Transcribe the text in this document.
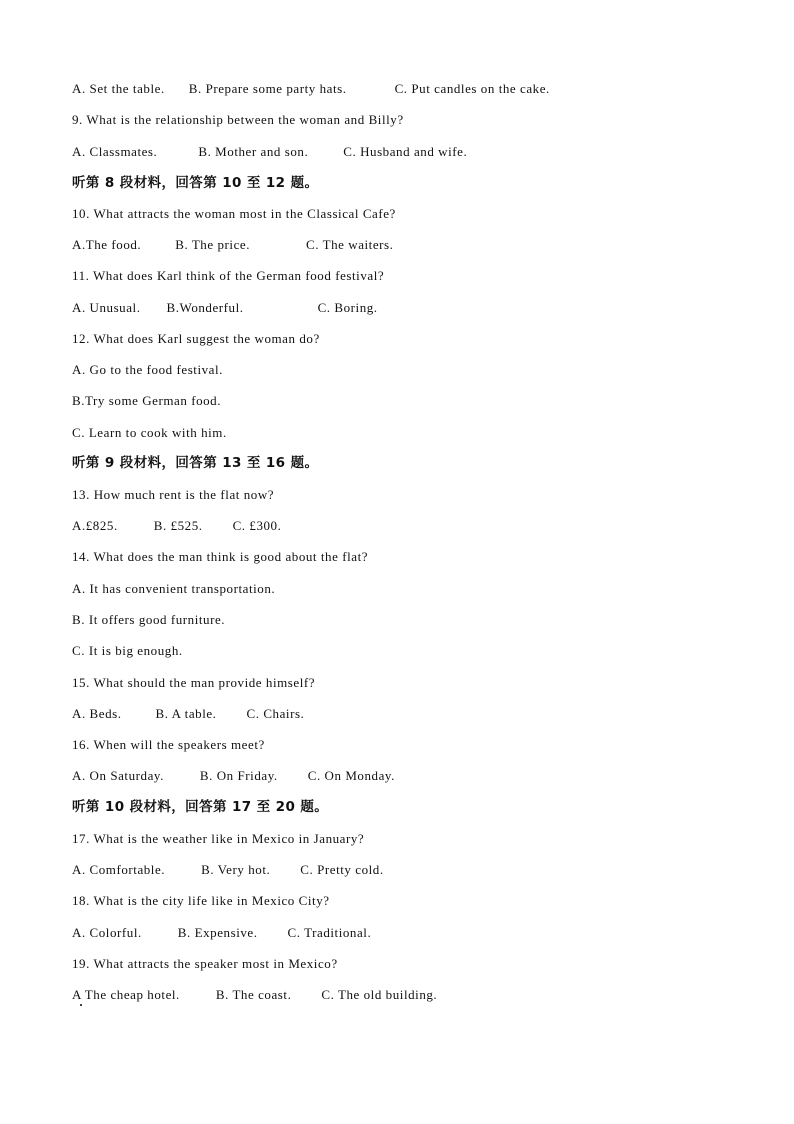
A. Set the table. B. Prepare some party hats.	C. Put candles on the cake.
9. What is the relationship between the woman and Billy?
A. Classmates.	B. Mother and son.	C. Husband and wife.
听第 8 段材料，回答第 10 至 12 题。
10. What attracts the woman most in the Classical Cafe?
A.The food.	B. The price.	C. The waiters.
11. What does Karl think of the German food festival?
A. Unusual. B.Wonderful.	C. Boring.
12. What does Karl suggest the woman do?
A. Go to the food festival.
B.Try some German food.
C. Learn to cook with him.
听第 9 段材料，回答第 13 至 16 题。
13. How much rent is the flat now?
A.£825.	B. £525. C. £300.
14. What does the man think is good about the flat?
A. It has convenient transportation.
B. It offers good furniture.
C. It is big enough.
15. What should the man provide himself?
A. Beds.	B. A table. C. Chairs.
16. When will the speakers meet?
A. On Saturday.	B. On Friday. C. On Monday.
听第 10 段材料，回答第 17 至 20 题。
17. What is the weather like in Mexico in January?
A. Comfortable.	B. Very hot. C. Pretty cold.
18. What is the city life like in Mexico City?
A. Colorful.	B. Expensive. C. Traditional.
19. What attracts the speaker most in Mexico?
A The cheap hotel.	B. The coast. C. The old building.
